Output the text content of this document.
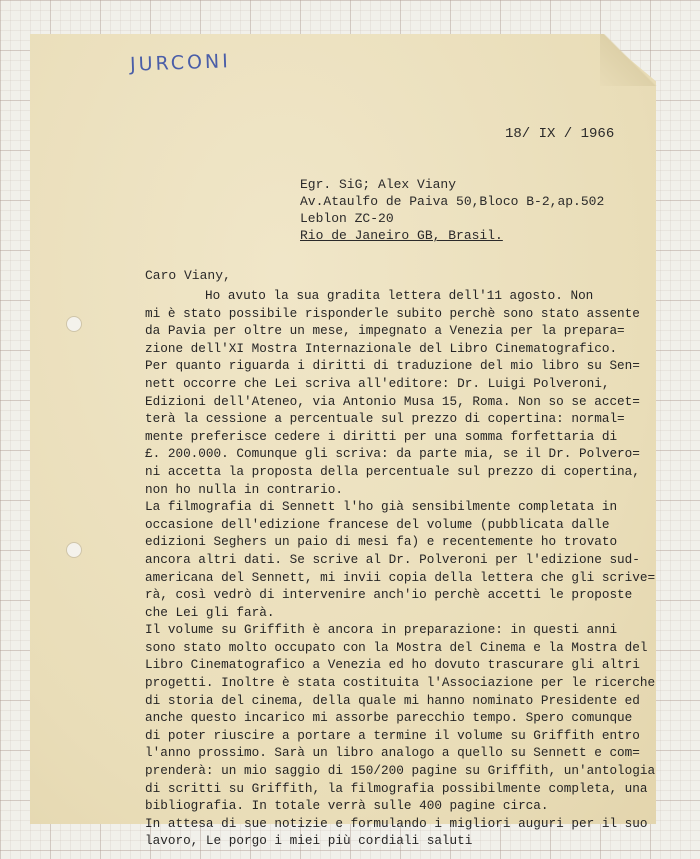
JURCONI
18/ IX / 1966
Egr. SiG; Alex Viany
Av.Ataulfo de Paiva 50,Bloco B-2,ap.502
Leblon ZC-20
Rio de Janeiro GB, Brasil.
Caro Viany,
Ho avuto la sua gradita lettera dell'11 agosto. Non
mi è stato possibile risponderle subito perchè sono stato assente
da Pavia per oltre un mese, impegnato a Venezia per la prepara=
zione dell'XI Mostra Internazionale del Libro Cinematografico.
Per quanto riguarda i diritti di traduzione del mio libro su Sen=
nett occorre che Lei scriva all'editore: Dr. Luigi Polveroni,
Edizioni dell'Ateneo, via Antonio Musa 15, Roma. Non so se accet=
terà la cessione a percentuale sul prezzo di copertina: normal=
mente preferisce cedere i diritti per una somma forfettaria di
£. 200.000. Comunque gli scriva: da parte mia, se il Dr. Polvero=
ni accetta la proposta della percentuale sul prezzo di copertina,
non ho nulla in contrario.
La filmografia di Sennett l'ho già sensibilmente completata in
occasione dell'edizione francese del volume (pubblicata dalle
edizioni Seghers un paio di mesi fa) e recentemente ho trovato
ancora altri dati. Se scrive al Dr. Polveroni per l'edizione sud-
americana del Sennett, mi invii copia della lettera che gli scrive=
rà, così vedrò di intervenire anch'io perchè accetti le proposte
che Lei gli farà.
Il volume su Griffith è ancora in preparazione: in questi anni
sono stato molto occupato con la Mostra del Cinema e la Mostra del
Libro Cinematografico a Venezia ed ho dovuto trascurare gli altri
progetti. Inoltre è stata costituita l'Associazione per le ricerche
di storia del cinema, della quale mi hanno nominato Presidente ed
anche questo incarico mi assorbe parecchio tempo. Spero comunque
di poter riuscire a portare a termine il volume su Griffith entro
l'anno prossimo. Sarà un libro analogo a quello su Sennett e com=
prenderà: un mio saggio di 150/200 pagine su Griffith, un'antologia
di scritti su Griffith, la filmografia possibilmente completa, una
bibliografia. In totale verrà sulle 400 pagine circa.
In attesa di sue notizie e formulando i migliori auguri per il suo
lavoro, Le porgo i miei più cordiali saluti
